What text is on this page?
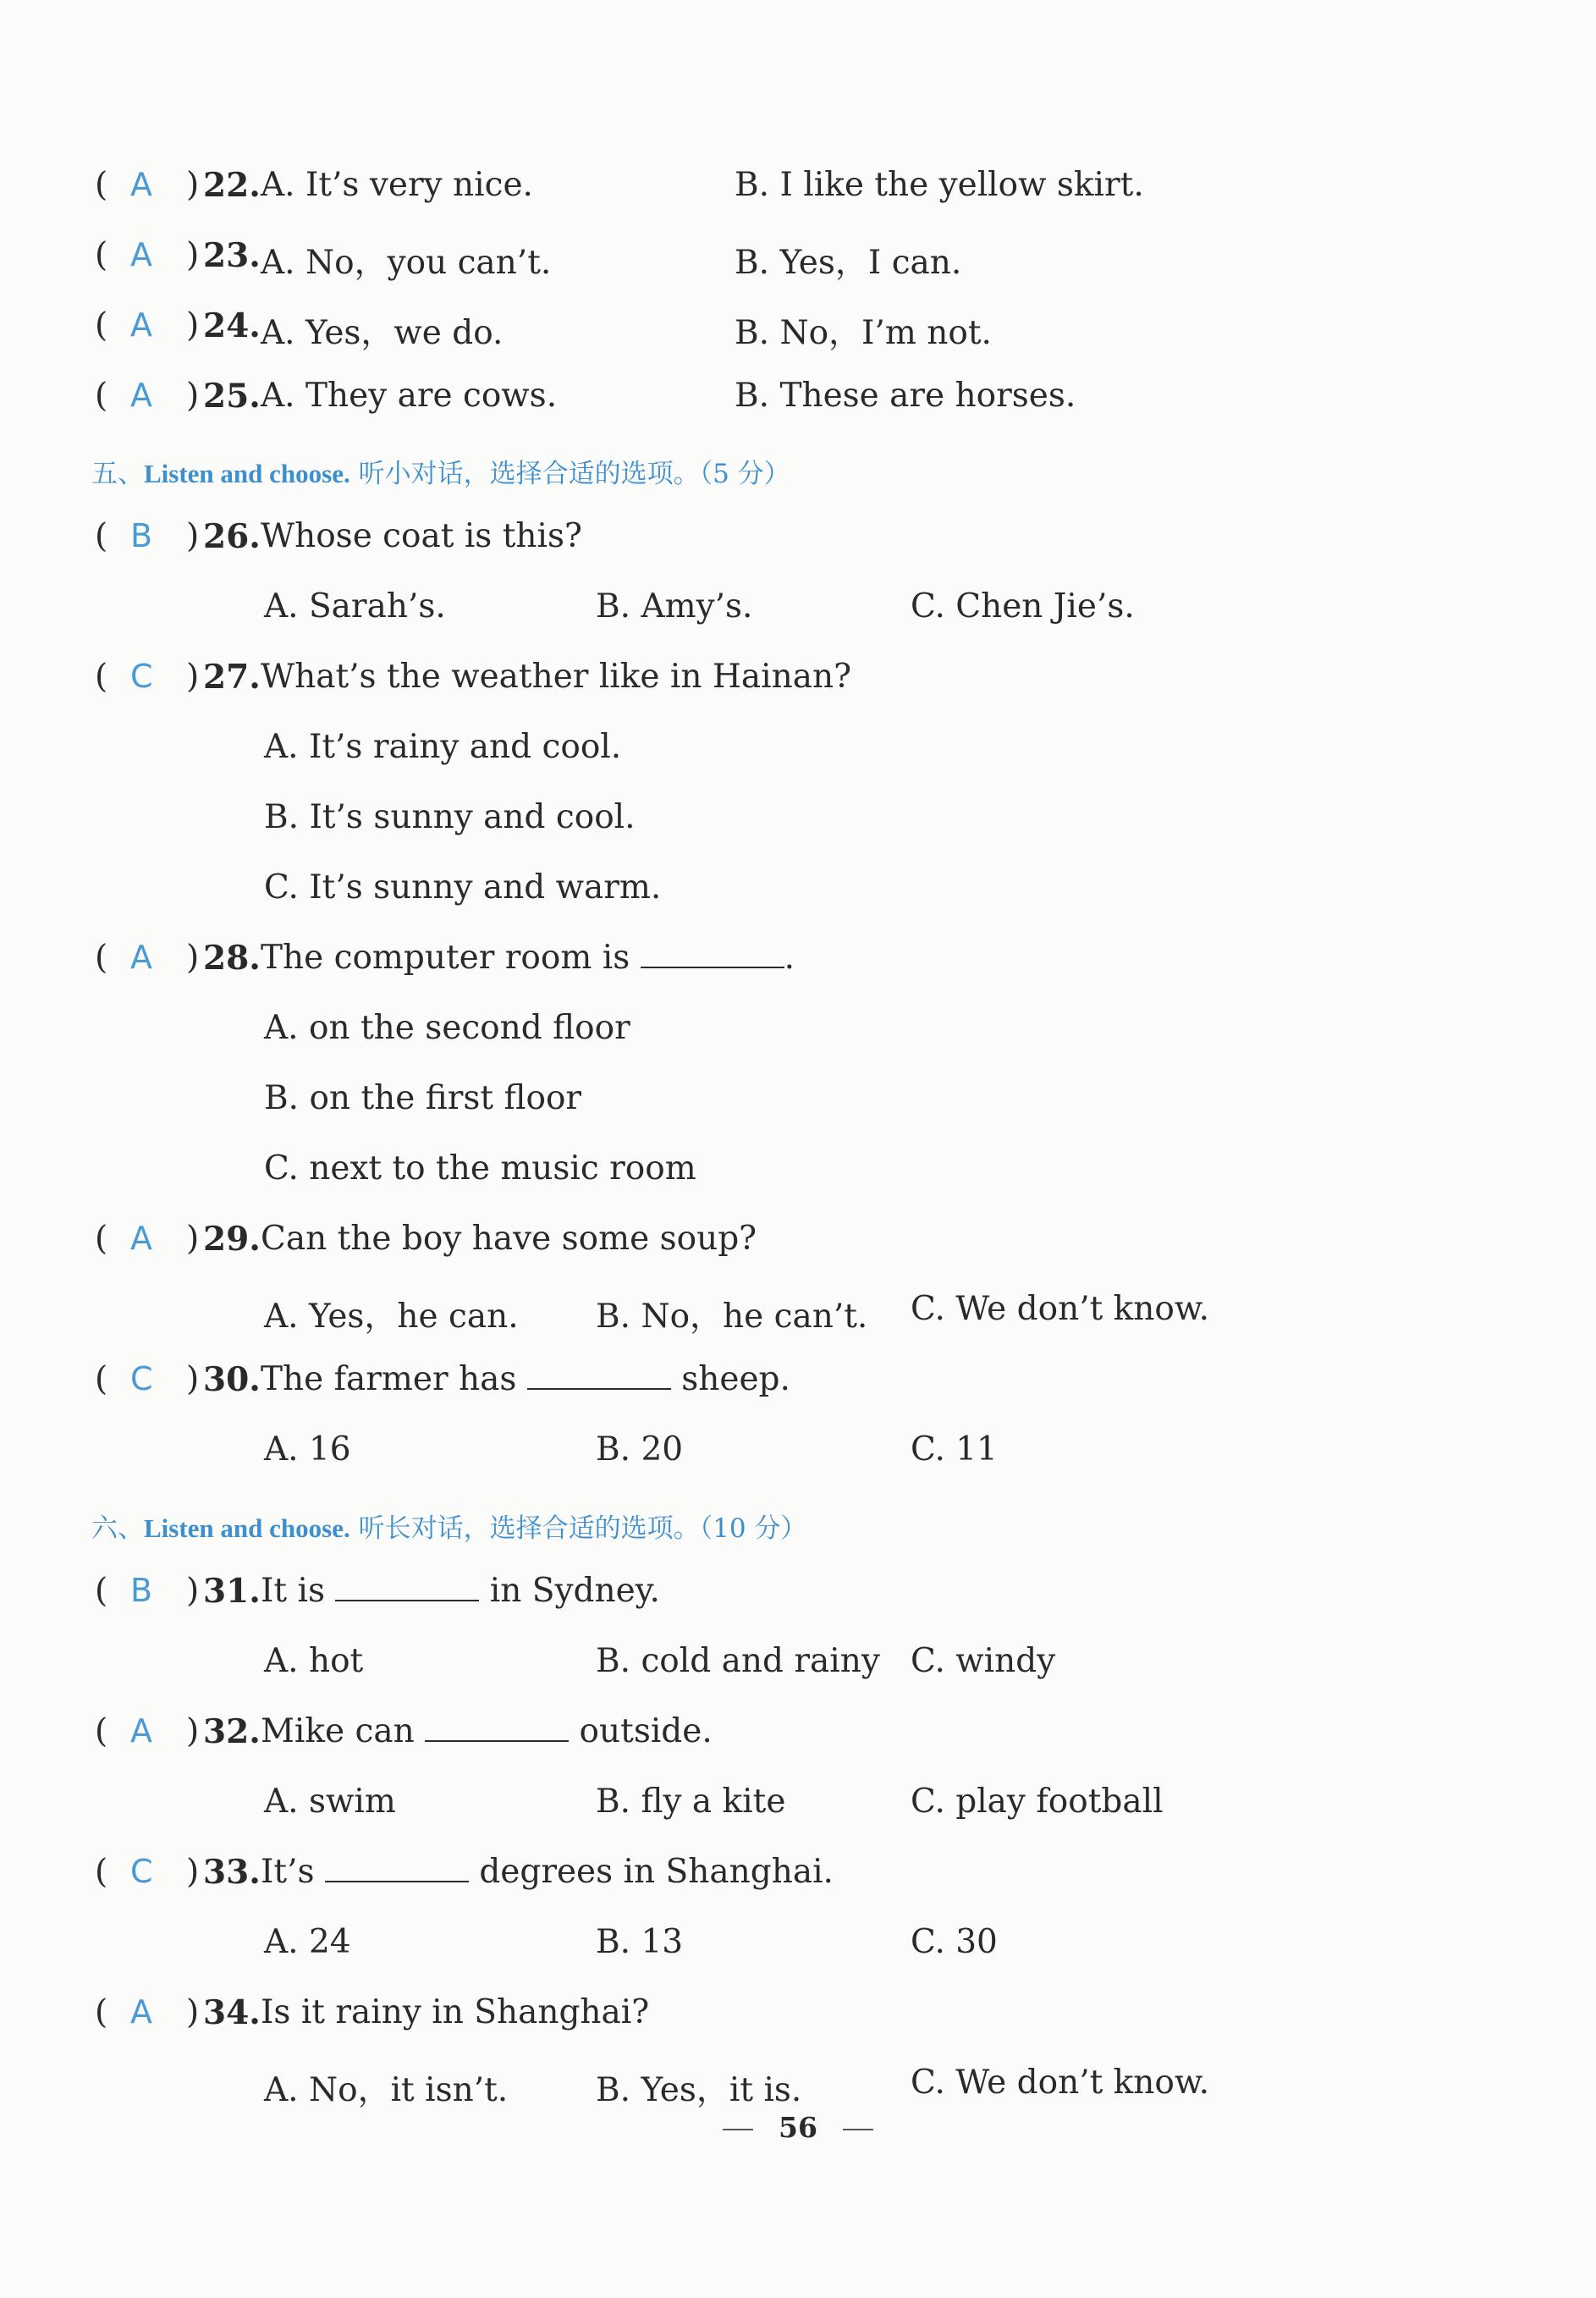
( A ) 22. A. It’s very nice.	B. I like the yellow skirt.
( A ) 23. A. No，you can’t.	B. Yes，I can.
( A ) 24. A. Yes，we do.	B. No，I’m not.
( A ) 25. A. They are cows.	B. These are horses.
五、Listen and choose. 听小对话，选择合适的选项。（5 分）
( B ) 26. Whose coat is this?
A. Sarah’s.	B. Amy’s.	C. Chen Jie’s.
( C ) 27. What’s the weather like in Hainan?
A. It’s rainy and cool.
B. It’s sunny and cool.
C. It’s sunny and warm.
( A ) 28. The computer room is	.
A. on the second floor
B. on the first floor
C. next to the music room
( A ) 29. Can the boy have some soup?
A. Yes，he can. B. No，he can’t. C. We don’t know.
( C ) 30. The farmer has	sheep.
A. 16	B. 20	C. 11
六、Listen and choose. 听长对话，选择合适的选项。（10 分）
( B ) 31. It is	in Sydney.
A. hot	B. cold and rainy C. windy
( A ) 32. Mike can	outside.
A. swim	B. fly a kite	C. play football
( C ) 33. It’s	degrees in Shanghai.
A. 24	B. 13	C. 30
( A ) 34. Is it rainy in Shanghai?
A. No，it isn’t.	B. Yes，it is.	C. We don’t know.
56
